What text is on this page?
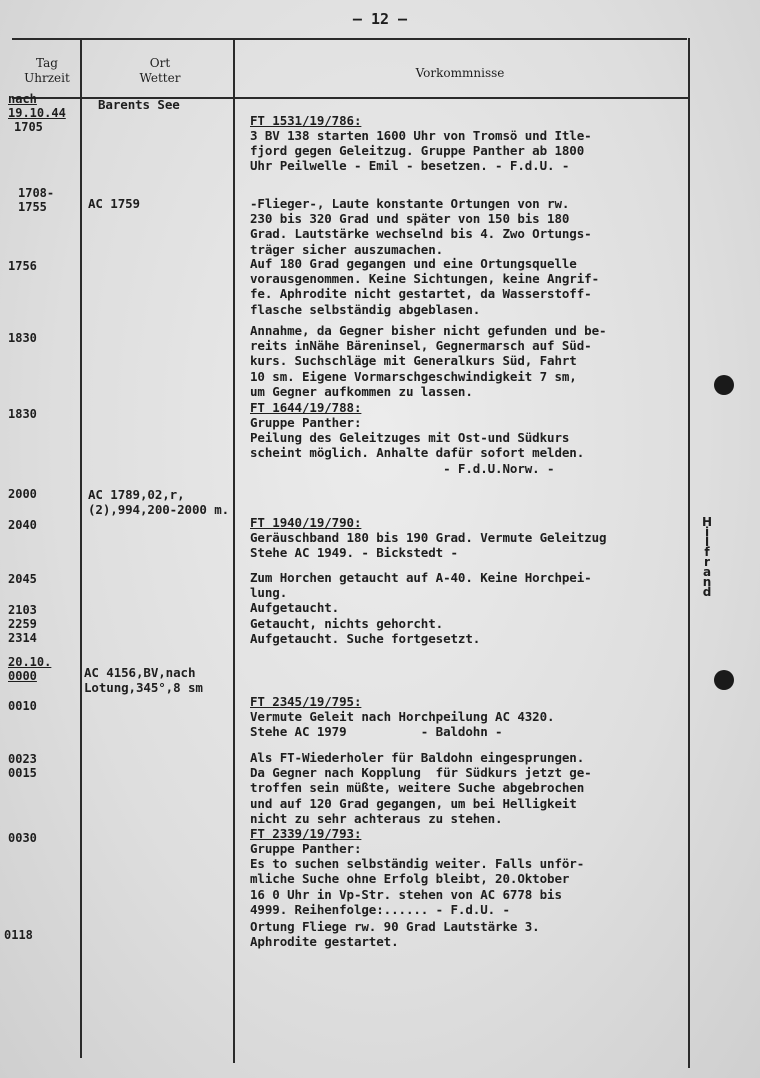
– 12 –
Tag
Uhrzeit
Ort
Wetter	Vorkommnisse
nach
19.10.44
1705
1708-
1755
1756
1830
1830
2000
2040
2045
2103
2259
2314
20.10.
0000
0010
0023
0015
0030
0118
Barents See
AC 1759
AC 1789,02,r,
(2),994,200-2000 m.
AC 4156,BV,nach
Lotung,345°,8 sm
FT 1531/19/786:
3 BV 138 starten 1600 Uhr von Tromsö und Itle-
fjord gegen Geleitzug. Gruppe Panther ab 1800
Uhr Peilwelle - Emil - besetzen. - F.d.U. -
-Flieger-, Laute konstante Ortungen von rw.
230 bis 320 Grad und später von 150 bis 180
Grad. Lautstärke wechselnd bis 4. Zwo Ortungs-
träger sicher auszumachen.
Auf 180 Grad gegangen und eine Ortungsquelle
vorausgenommen. Keine Sichtungen, keine Angrif-
fe. Aphrodite nicht gestartet, da Wasserstoff-
flasche selbständig abgeblasen.
Annahme, da Gegner bisher nicht gefunden und be-
reits inNähe Bäreninsel, Gegnermarsch auf Süd-
kurs. Suchschläge mit Generalkurs Süd, Fahrt
10 sm. Eigene Vormarschgeschwindigkeit 7 sm,
um Gegner aufkommen zu lassen.
FT 1644/19/788:
Gruppe Panther:
Peilung des Geleitzuges mit Ost-und Südkurs
scheint möglich. Anhalte dafür sofort melden.
- F.d.U.Norw. -
FT 1940/19/790:
Geräuschband 180 bis 190 Grad. Vermute Geleitzug
Stehe AC 1949. - Bickstedt -
Zum Horchen getaucht auf A-40. Keine Horchpei-
lung.
Aufgetaucht.
Getaucht, nichts gehorcht.
Aufgetaucht. Suche fortgesetzt.
FT 2345/19/795:
Vermute Geleit nach Horchpeilung AC 4320.
Stehe AC 1979          - Baldohn -
Als FT-Wiederholer für Baldohn eingesprungen.
Da Gegner nach Kopplung  für Südkurs jetzt ge-
troffen sein müßte, weitere Suche abgebrochen
und auf 120 Grad gegangen, um bei Helligkeit
nicht zu sehr achteraus zu stehen.
FT 2339/19/793:
Gruppe Panther:
Es to suchen selbständig weiter. Falls unför-
mliche Suche ohne Erfolg bleibt, 20.Oktober
16 0 Uhr in Vp-Str. stehen von AC 6778 bis
4999. Reihenfolge:...... - F.d.U. -
Ortung Fliege rw. 90 Grad Lautstärke 3.
Aphrodite gestartet.
H
i
l
f
r
a
n
d
